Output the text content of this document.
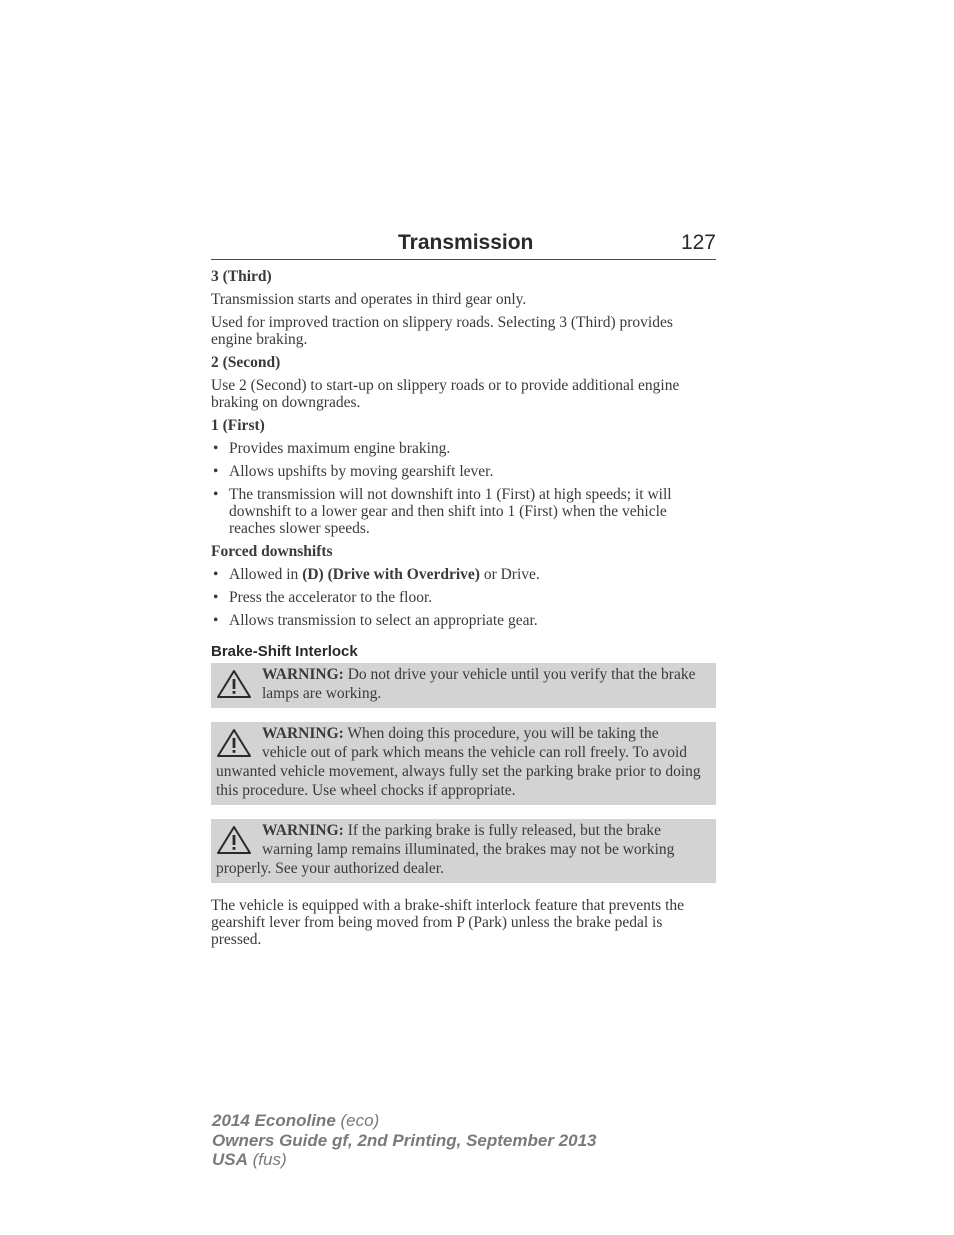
Transmission	127
3 (Third)

Transmission starts and operates in third gear only.

Used for improved traction on slippery roads. Selecting 3 (Third) provides engine braking.

2 (Second)

Use 2 (Second) to start-up on slippery roads or to provide additional engine braking on downgrades.

1 (First)
• Provides maximum engine braking.
• Allows upshifts by moving gearshift lever.
• The transmission will not downshift into 1 (First) at high speeds; it will downshift to a lower gear and then shift into 1 (First) when the vehicle reaches slower speeds.
Forced downshifts
• Allowed in (D) (Drive with Overdrive) or Drive.
• Press the accelerator to the floor.
• Allows transmission to select an appropriate gear.
Brake-Shift Interlock
WARNING: Do not drive your vehicle until you verify that the brake lamps are working.
WARNING: When doing this procedure, you will be taking the vehicle out of park which means the vehicle can roll freely. To avoid unwanted vehicle movement, always fully set the parking brake prior to doing this procedure. Use wheel chocks if appropriate.
WARNING: If the parking brake is fully released, but the brake warning lamp remains illuminated, the brakes may not be working properly. See your authorized dealer.

The vehicle is equipped with a brake-shift interlock feature that prevents the gearshift lever from being moved from P (Park) unless the brake pedal is pressed.

2014 Econoline (eco)
Owners Guide gf, 2nd Printing, September 2013
USA (fus)
